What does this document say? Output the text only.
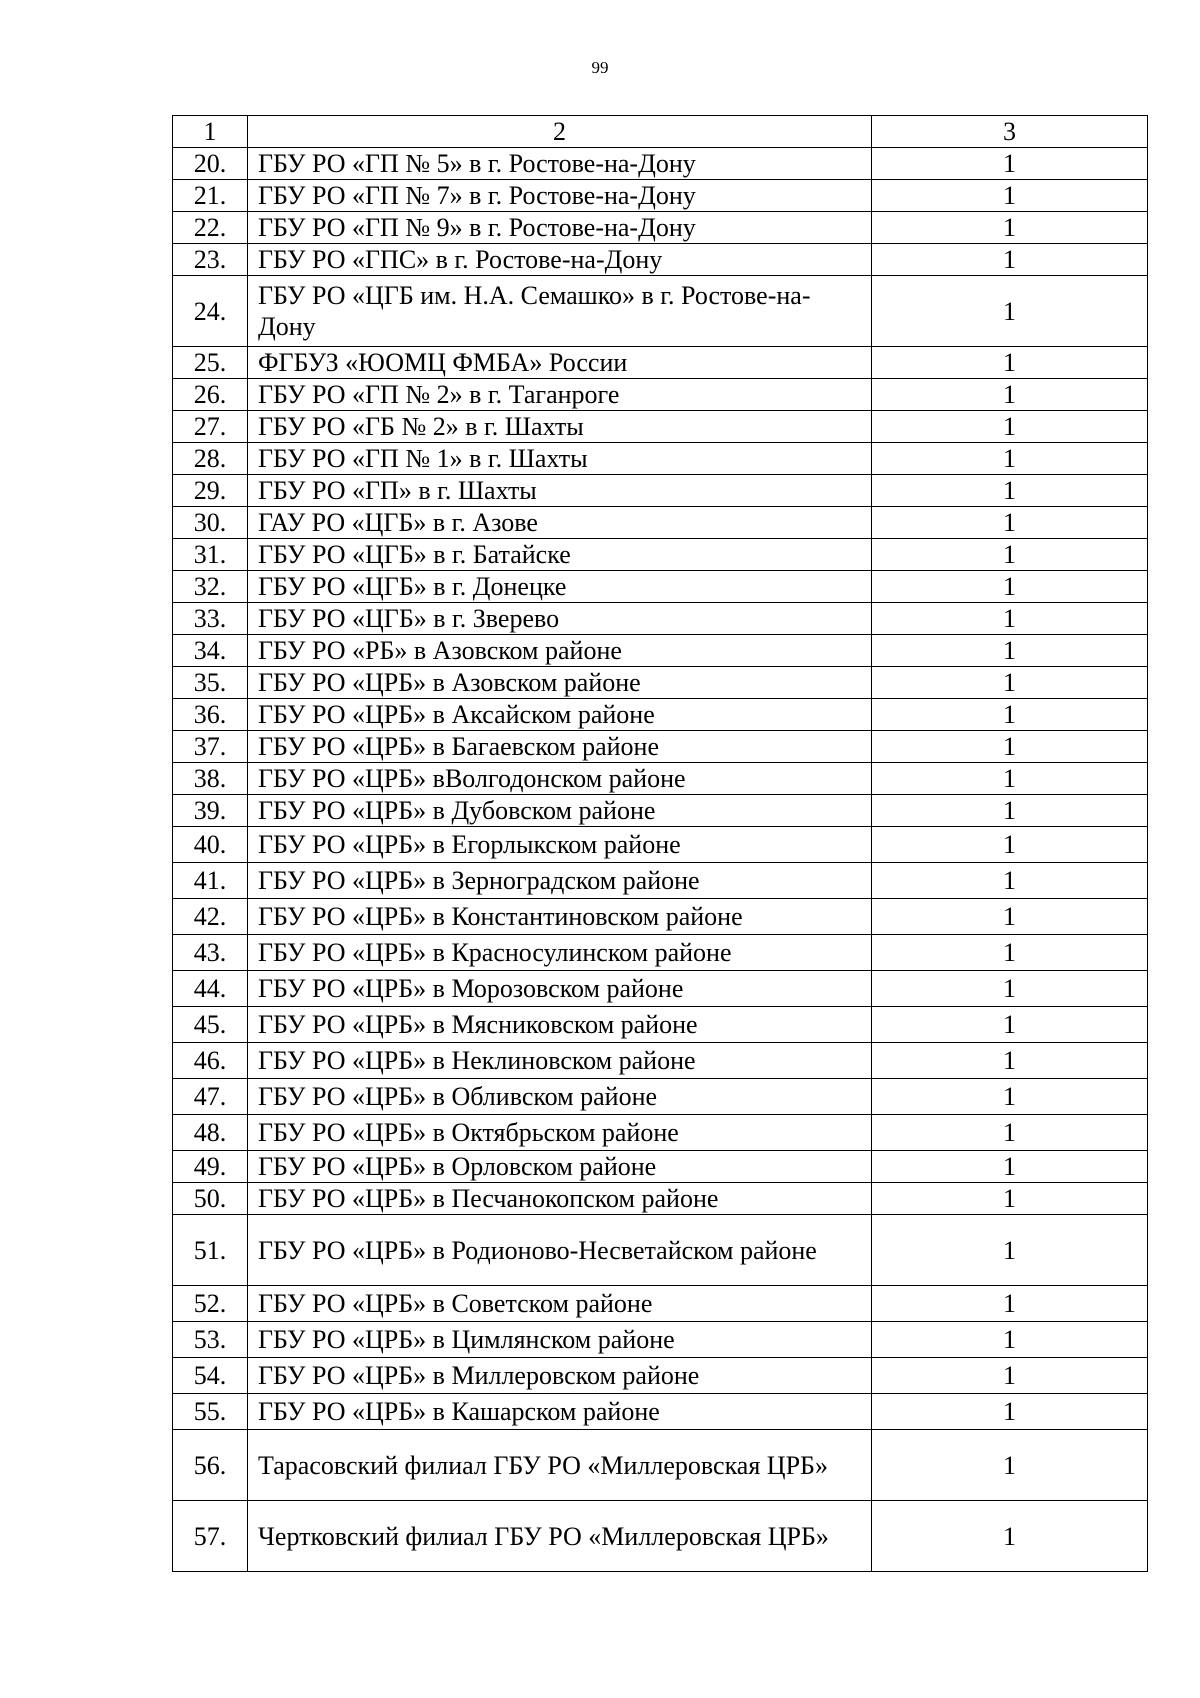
99
1	2	3
20.	ГБУ РО «ГП № 5» в г. Ростове-на-Дону	1
21.	ГБУ РО «ГП № 7» в г. Ростове-на-Дону	1
22.	ГБУ РО «ГП № 9» в г. Ростове-на-Дону	1
23.	ГБУ РО «ГПС» в г. Ростове-на-Дону	1
24.	ГБУ РО «ЦГБ им. Н.А. Семашко» в г. Ростове-на-Дону	1
25.	ФГБУЗ «ЮОМЦ ФМБА» России	1
26.	ГБУ РО «ГП № 2» в г. Таганроге	1
27.	ГБУ РО «ГБ № 2» в г. Шахты	1
28.	ГБУ РО «ГП № 1» в г. Шахты	1
29.	ГБУ РО «ГП» в г. Шахты	1
30.	ГАУ РО «ЦГБ» в г. Азове	1
31.	ГБУ РО «ЦГБ» в г. Батайске	1
32.	ГБУ РО «ЦГБ» в г. Донецке	1
33.	ГБУ РО «ЦГБ» в г. Зверево	1
34.	ГБУ РО «РБ» в Азовском районе	1
35.	ГБУ РО «ЦРБ» в Азовском районе	1
36.	ГБУ РО «ЦРБ» в Аксайском районе	1
37.	ГБУ РО «ЦРБ» в Багаевском районе	1
38.	ГБУ РО «ЦРБ» вВолгодонском районе	1
39.	ГБУ РО «ЦРБ» в Дубовском районе	1
40.	ГБУ РО «ЦРБ» в Егорлыкском районе	1
41.	ГБУ РО «ЦРБ» в Зерноградском районе	1
42.	ГБУ РО «ЦРБ» в Константиновском районе	1
43.	ГБУ РО «ЦРБ» в Красносулинском районе	1
44.	ГБУ РО «ЦРБ» в Морозовском районе	1
45.	ГБУ РО «ЦРБ» в Мясниковском районе	1
46.	ГБУ РО «ЦРБ» в Неклиновском районе	1
47.	ГБУ РО «ЦРБ» в Обливском районе	1
48.	ГБУ РО «ЦРБ» в Октябрьском районе	1
49.	ГБУ РО «ЦРБ» в Орловском районе	1
50.	ГБУ РО «ЦРБ» в Песчанокопском районе	1
51.	ГБУ РО «ЦРБ» в Родионово-Несветайском районе	1
52.	ГБУ РО «ЦРБ» в Советском районе	1
53.	ГБУ РО «ЦРБ» в Цимлянском районе	1
54.	ГБУ РО «ЦРБ» в Миллеровском районе	1
55.	ГБУ РО «ЦРБ» в Кашарском районе	1
56.	Тарасовский филиал ГБУ РО «Миллеровская ЦРБ»	1
57.	Чертковский филиал ГБУ РО «Миллеровская ЦРБ»	1
